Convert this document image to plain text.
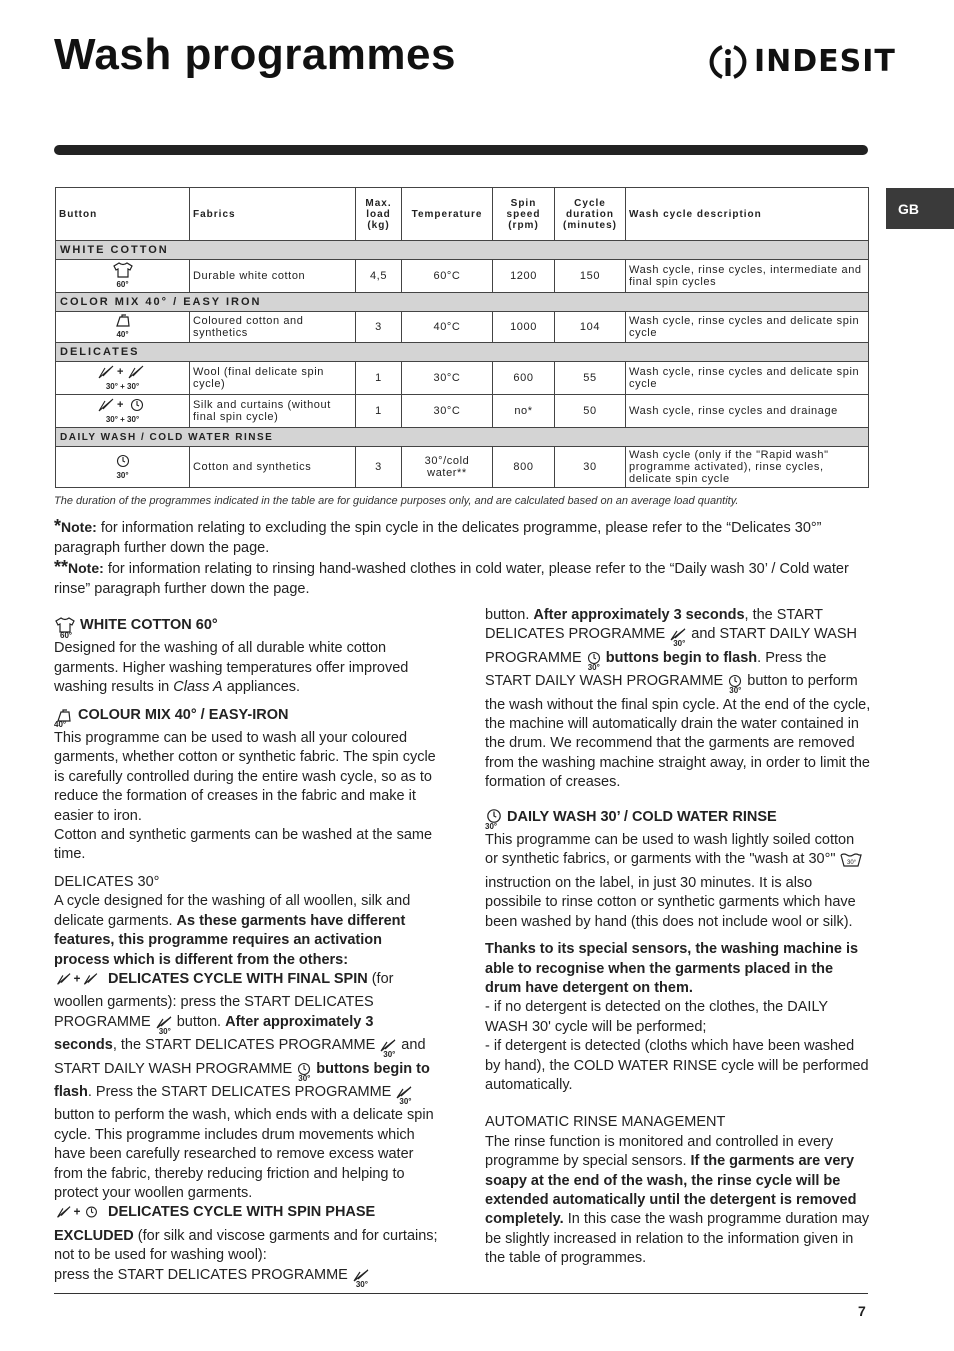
Wash programmes	INDESIT
GB
Button	Fabrics	Max. load (kg)	Temperature	Spin speed (rpm)	Cycle duration (minutes)	Wash cycle description
WHITE COTTON						

60°	Durable white cotton	4,5	60°C	1200	150	Wash cycle, rinse cycles, intermediate and final spin cycles
COLOR MIX 40° / EASY IRON						

40°	Coloured cotton and synthetics	3	40°C	1000	104	Wash cycle, rinse cycles and delicate spin cycle
DELICATES						

+
30° + 30°	Wool (final delicate spin cycle)	1	30°C	600	55	Wash cycle, rinse cycles and delicate spin cycle

+
30° + 30°	Silk and curtains (without final spin cycle)	1	30°C	no*	50	Wash cycle, rinse cycles and drainage
DAILY WASH / COLD WATER RINSE						

30°	Cotton and synthetics	3	30°/cold water**	800	30	Wash cycle (only if the "Rapid wash" programme activated), rinse cycles, delicate spin cycle
The duration of the programmes indicated in the table are for guidance purposes only, and are calculated based on an average load quantity.

*Note: for information relating to excluding the spin cycle in the delicates programme, please refer to the “Delicates 30°” paragraph further down the page.

**Note: for information relating to rinsing hand-washed clothes in cold water, please refer to the “Daily wash 30’ / Cold water rinse” paragraph further down the page.

60°
WHITE COTTON 60°

Designed for the washing of all durable white cotton garments. Higher washing temperatures offer improved washing results in Class A appliances.

40°
COLOUR MIX 40° / EASY-IRON

This programme can be used to wash all your coloured garments, whether cotton or synthetic fabric. The spin cycle is carefully controlled during the entire wash cycle, so as to reduce the formation of creases in the fabric and make it easier to iron.

Cotton and synthetic garments can be washed at the same time.

DELICATES 30°

A cycle designed for the washing of all woollen, silk and delicate garments. As these garments have different features, this programme requires an activation process which is different from the others:

+ DELICATES CYCLE WITH FINAL SPIN (for woollen garments): press the START DELICATES PROGRAMME
30°
button. After approximately 3 seconds, the START DELICATES PROGRAMME
30°
and START DAILY WASH PROGRAMME
30°
buttons begin to flash. Press the START DELICATES PROGRAMME
30°
button to perform the wash, which ends with a delicate spin cycle. This programme includes drum movements which have been carefully researched to remove excess water from the fabric, thereby reducing friction and helping to protect your woollen garments.

+ DELICATES CYCLE WITH SPIN PHASE EXCLUDED (for silk and viscose garments and for curtains; not to be used for washing wool):
press the START DELICATES PROGRAMME
30°

button. After approximately 3 seconds, the START DELICATES PROGRAMME
30°
and START DAILY WASH PROGRAMME
30°
buttons begin to flash. Press the START DAILY WASH PROGRAMME
30°
button to perform the wash without the final spin cycle. At the end of the cycle, the machine will automatically drain the water contained in the drum. We recommend that the garments are removed from the washing machine straight away, in order to limit the formation of creases.

30°
DAILY WASH 30’ / COLD WATER RINSE

This programme can be used to wash lightly soiled cotton or synthetic fabrics, or garments with the "wash at 30°" 30°
instruction on the label, in just 30 minutes. It is also possibile to rinse cotton or synthetic garments which have been washed by hand (this does not include wool or silk).

Thanks to its special sensors, the washing machine is able to recognise when the garments placed in the drum have detergent on them.

- if no detergent is detected on the clothes, the DAILY WASH 30' cycle will be performed;

- if detergent is detected (cloths which have been washed by hand), the COLD WATER RINSE cycle will be performed automatically.

AUTOMATIC RINSE MANAGEMENT

The rinse function is monitored and controlled in every programme by special sensors. If the garments are very soapy at the end of the wash, the rinse cycle will be extended automatically until the detergent is removed completely. In this case the wash programme duration may be slightly increased in relation to the information given in the table of programmes.

7
